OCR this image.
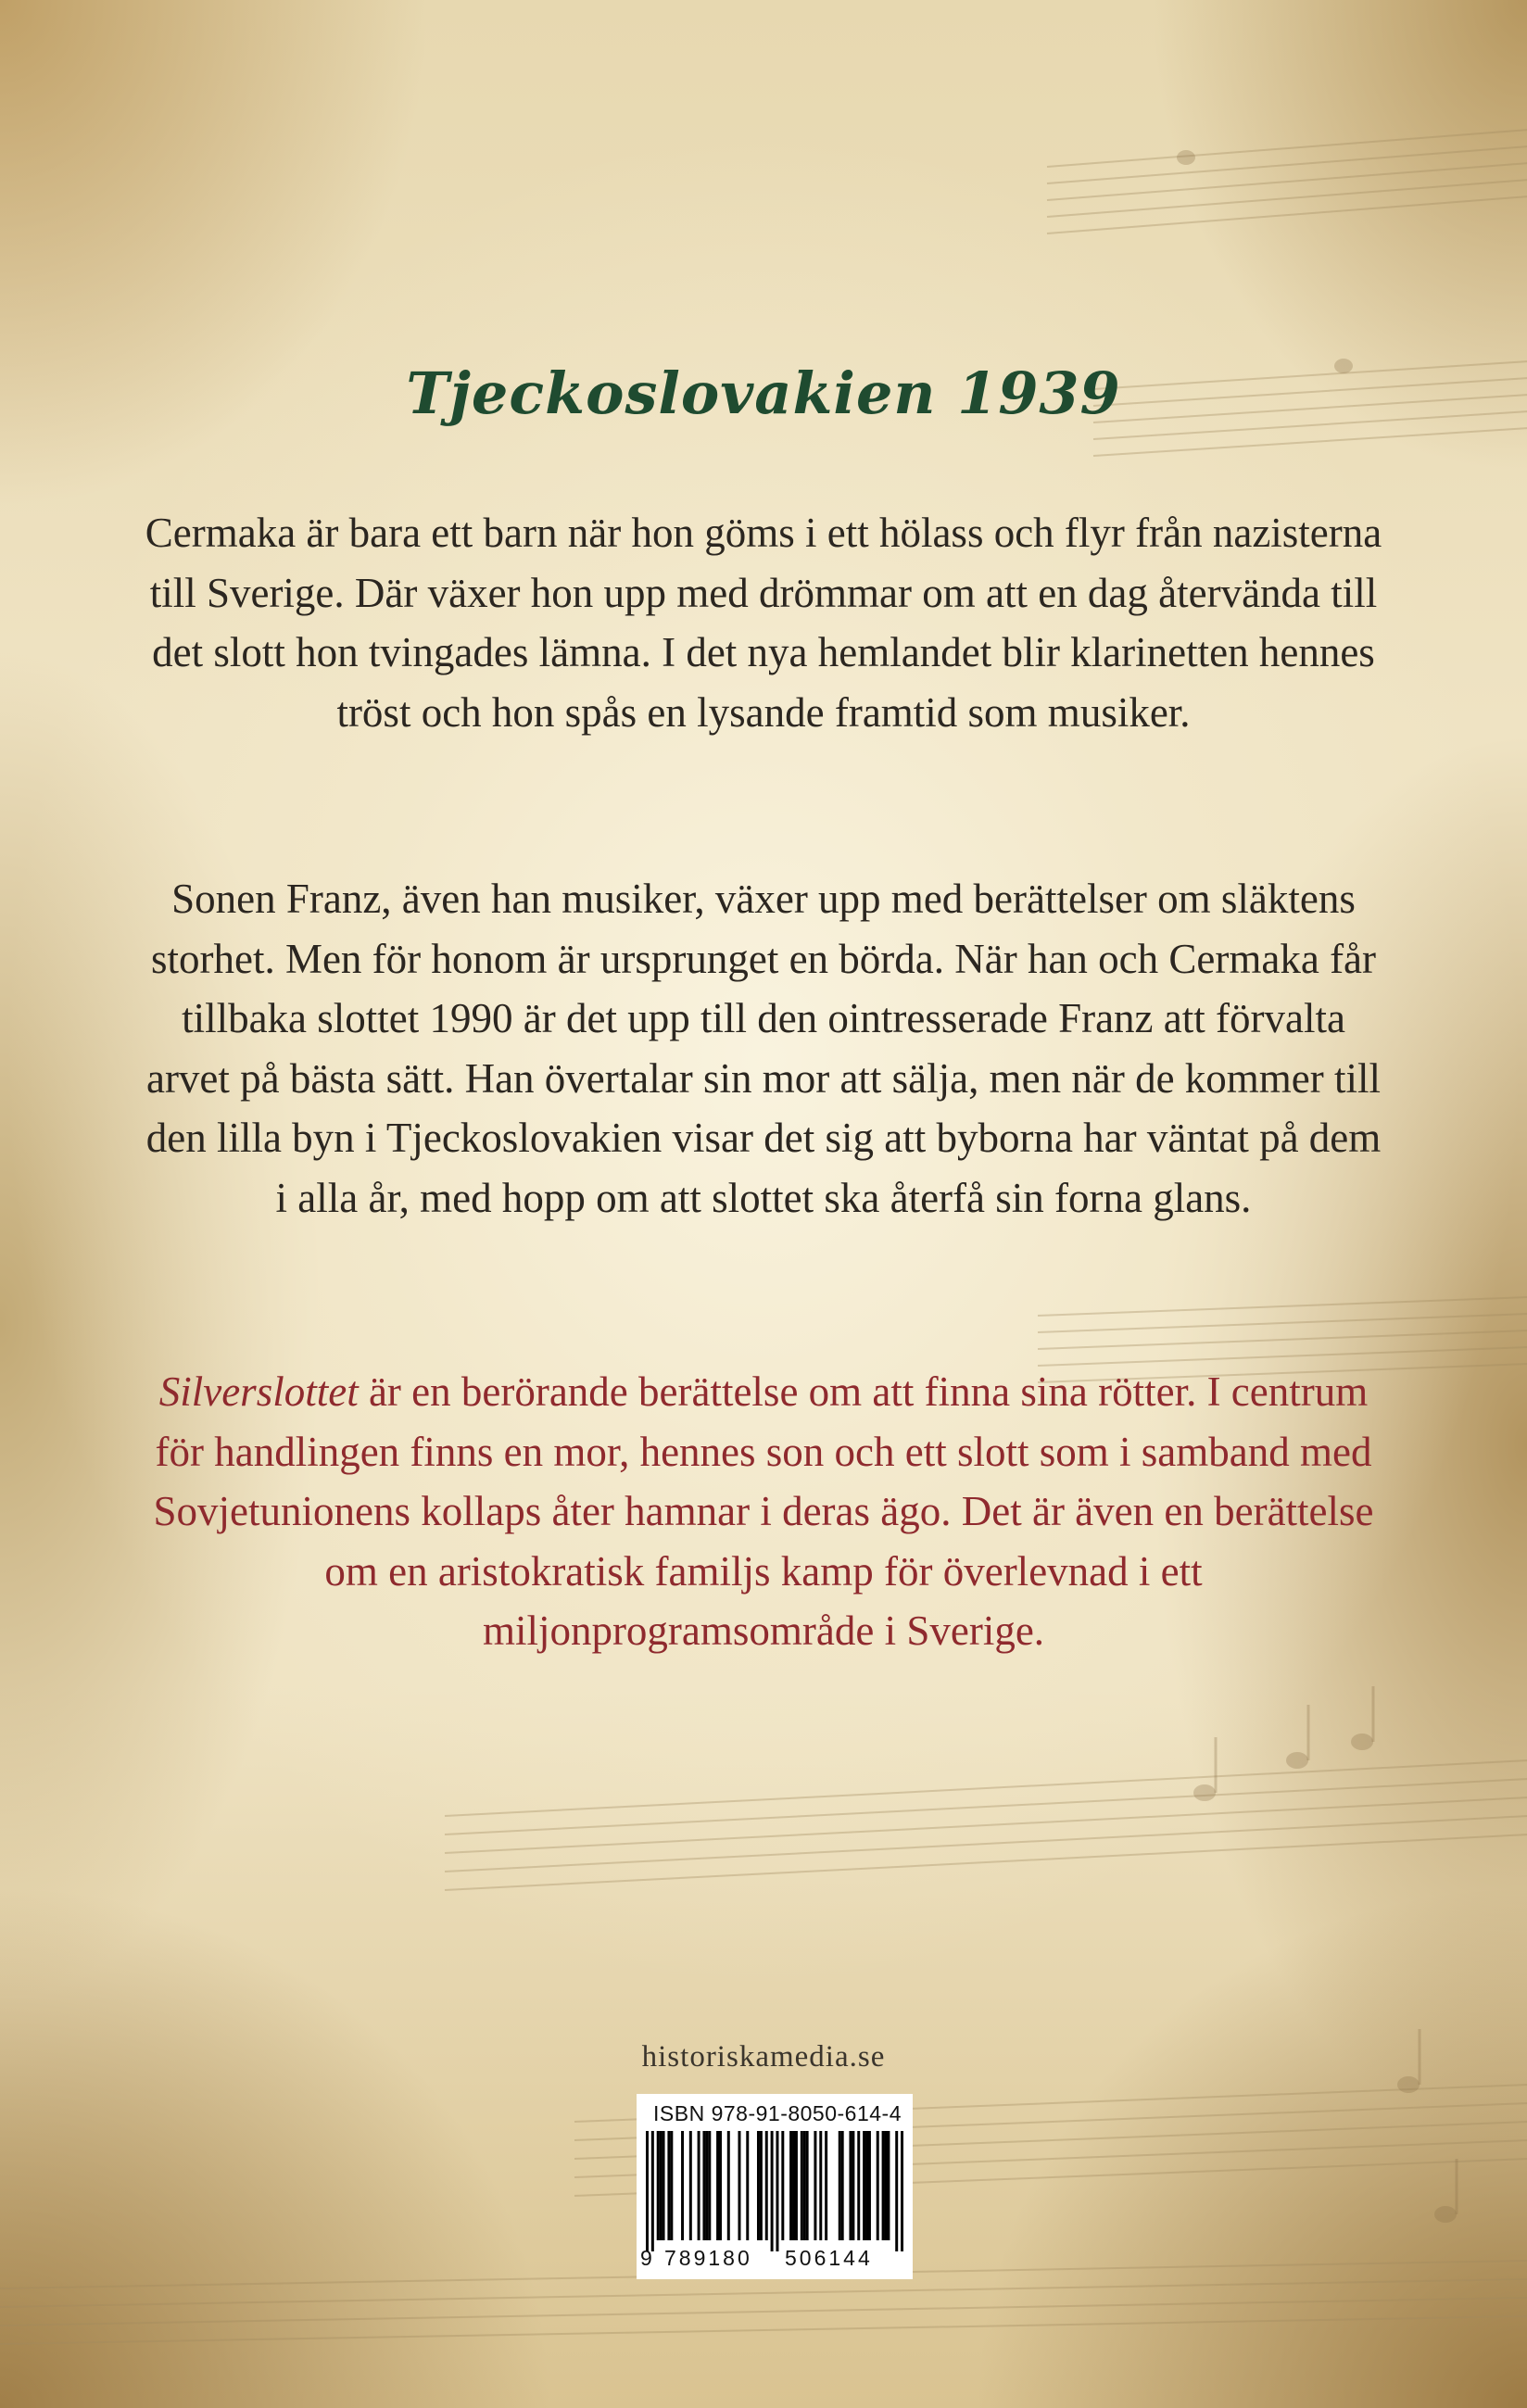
Tjeckoslovakien 1939

Cermaka är bara ett barn när hon göms i ett hölass och flyr från nazisterna till Sverige. Där växer hon upp med drömmar om att en dag återvända till det slott hon tvingades lämna. I det nya hemlandet blir klarinetten hennes tröst och hon spås en lysande framtid som musiker.

Sonen Franz, även han musiker, växer upp med berättelser om släktens storhet. Men för honom är ursprunget en börda. När han och Cermaka får tillbaka slottet 1990 är det upp till den ointresserade Franz att förvalta arvet på bästa sätt. Han övertalar sin mor att sälja, men när de kommer till den lilla byn i Tjeckoslovakien visar det sig att byborna har väntat på dem i alla år, med hopp om att slottet ska återfå sin forna glans.

Silverslottet är en berörande berättelse om att finna sina rötter. I centrum för handlingen finns en mor, hennes son och ett slott som i samband med Sovjetunionens kollaps åter hamnar i deras ägo. Det är även en berättelse om en aristokratisk familjs kamp för överlevnad i ett miljonprogramsområde i Sverige.

historiskamedia.se

ISBN 978-91-8050-614-4
9 789180 506144
